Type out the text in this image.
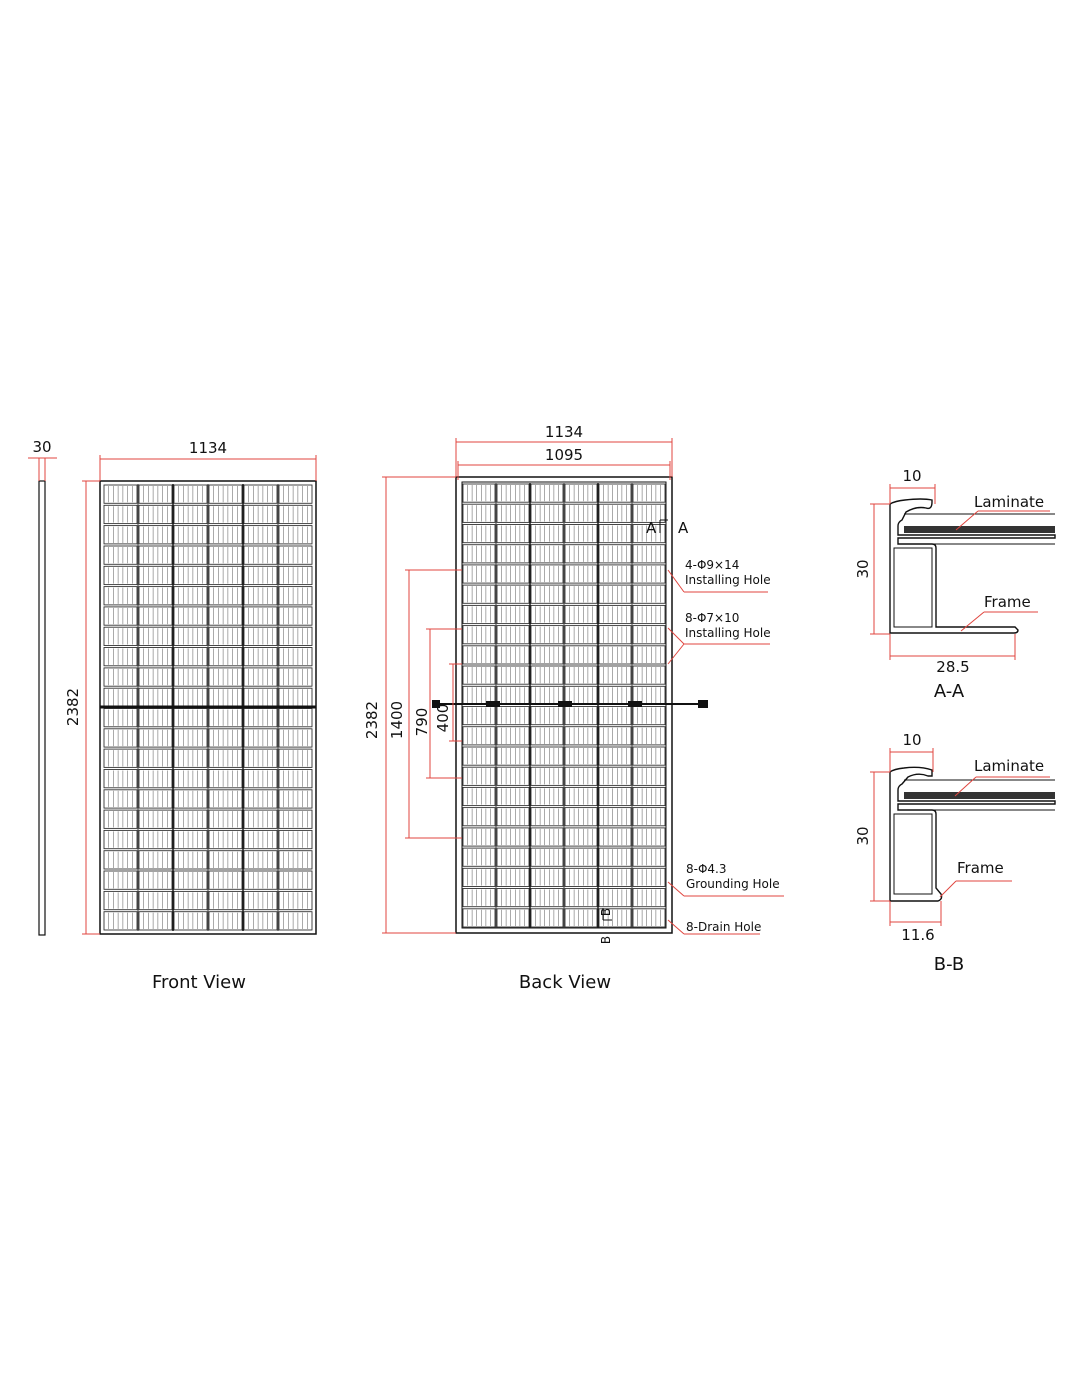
30	1134
2382
Front View
1134
1095
2382 1400 790 400
A A
B
B
4-Φ9×14
Installing Hole
8-Φ7×10
Installing Hole
8-Φ4.3
Grounding Hole
8-Drain Hole
Back View
10
30
28.5
Laminate
Frame
A-A
10
30
11.6
Laminate
Frame
B-B
